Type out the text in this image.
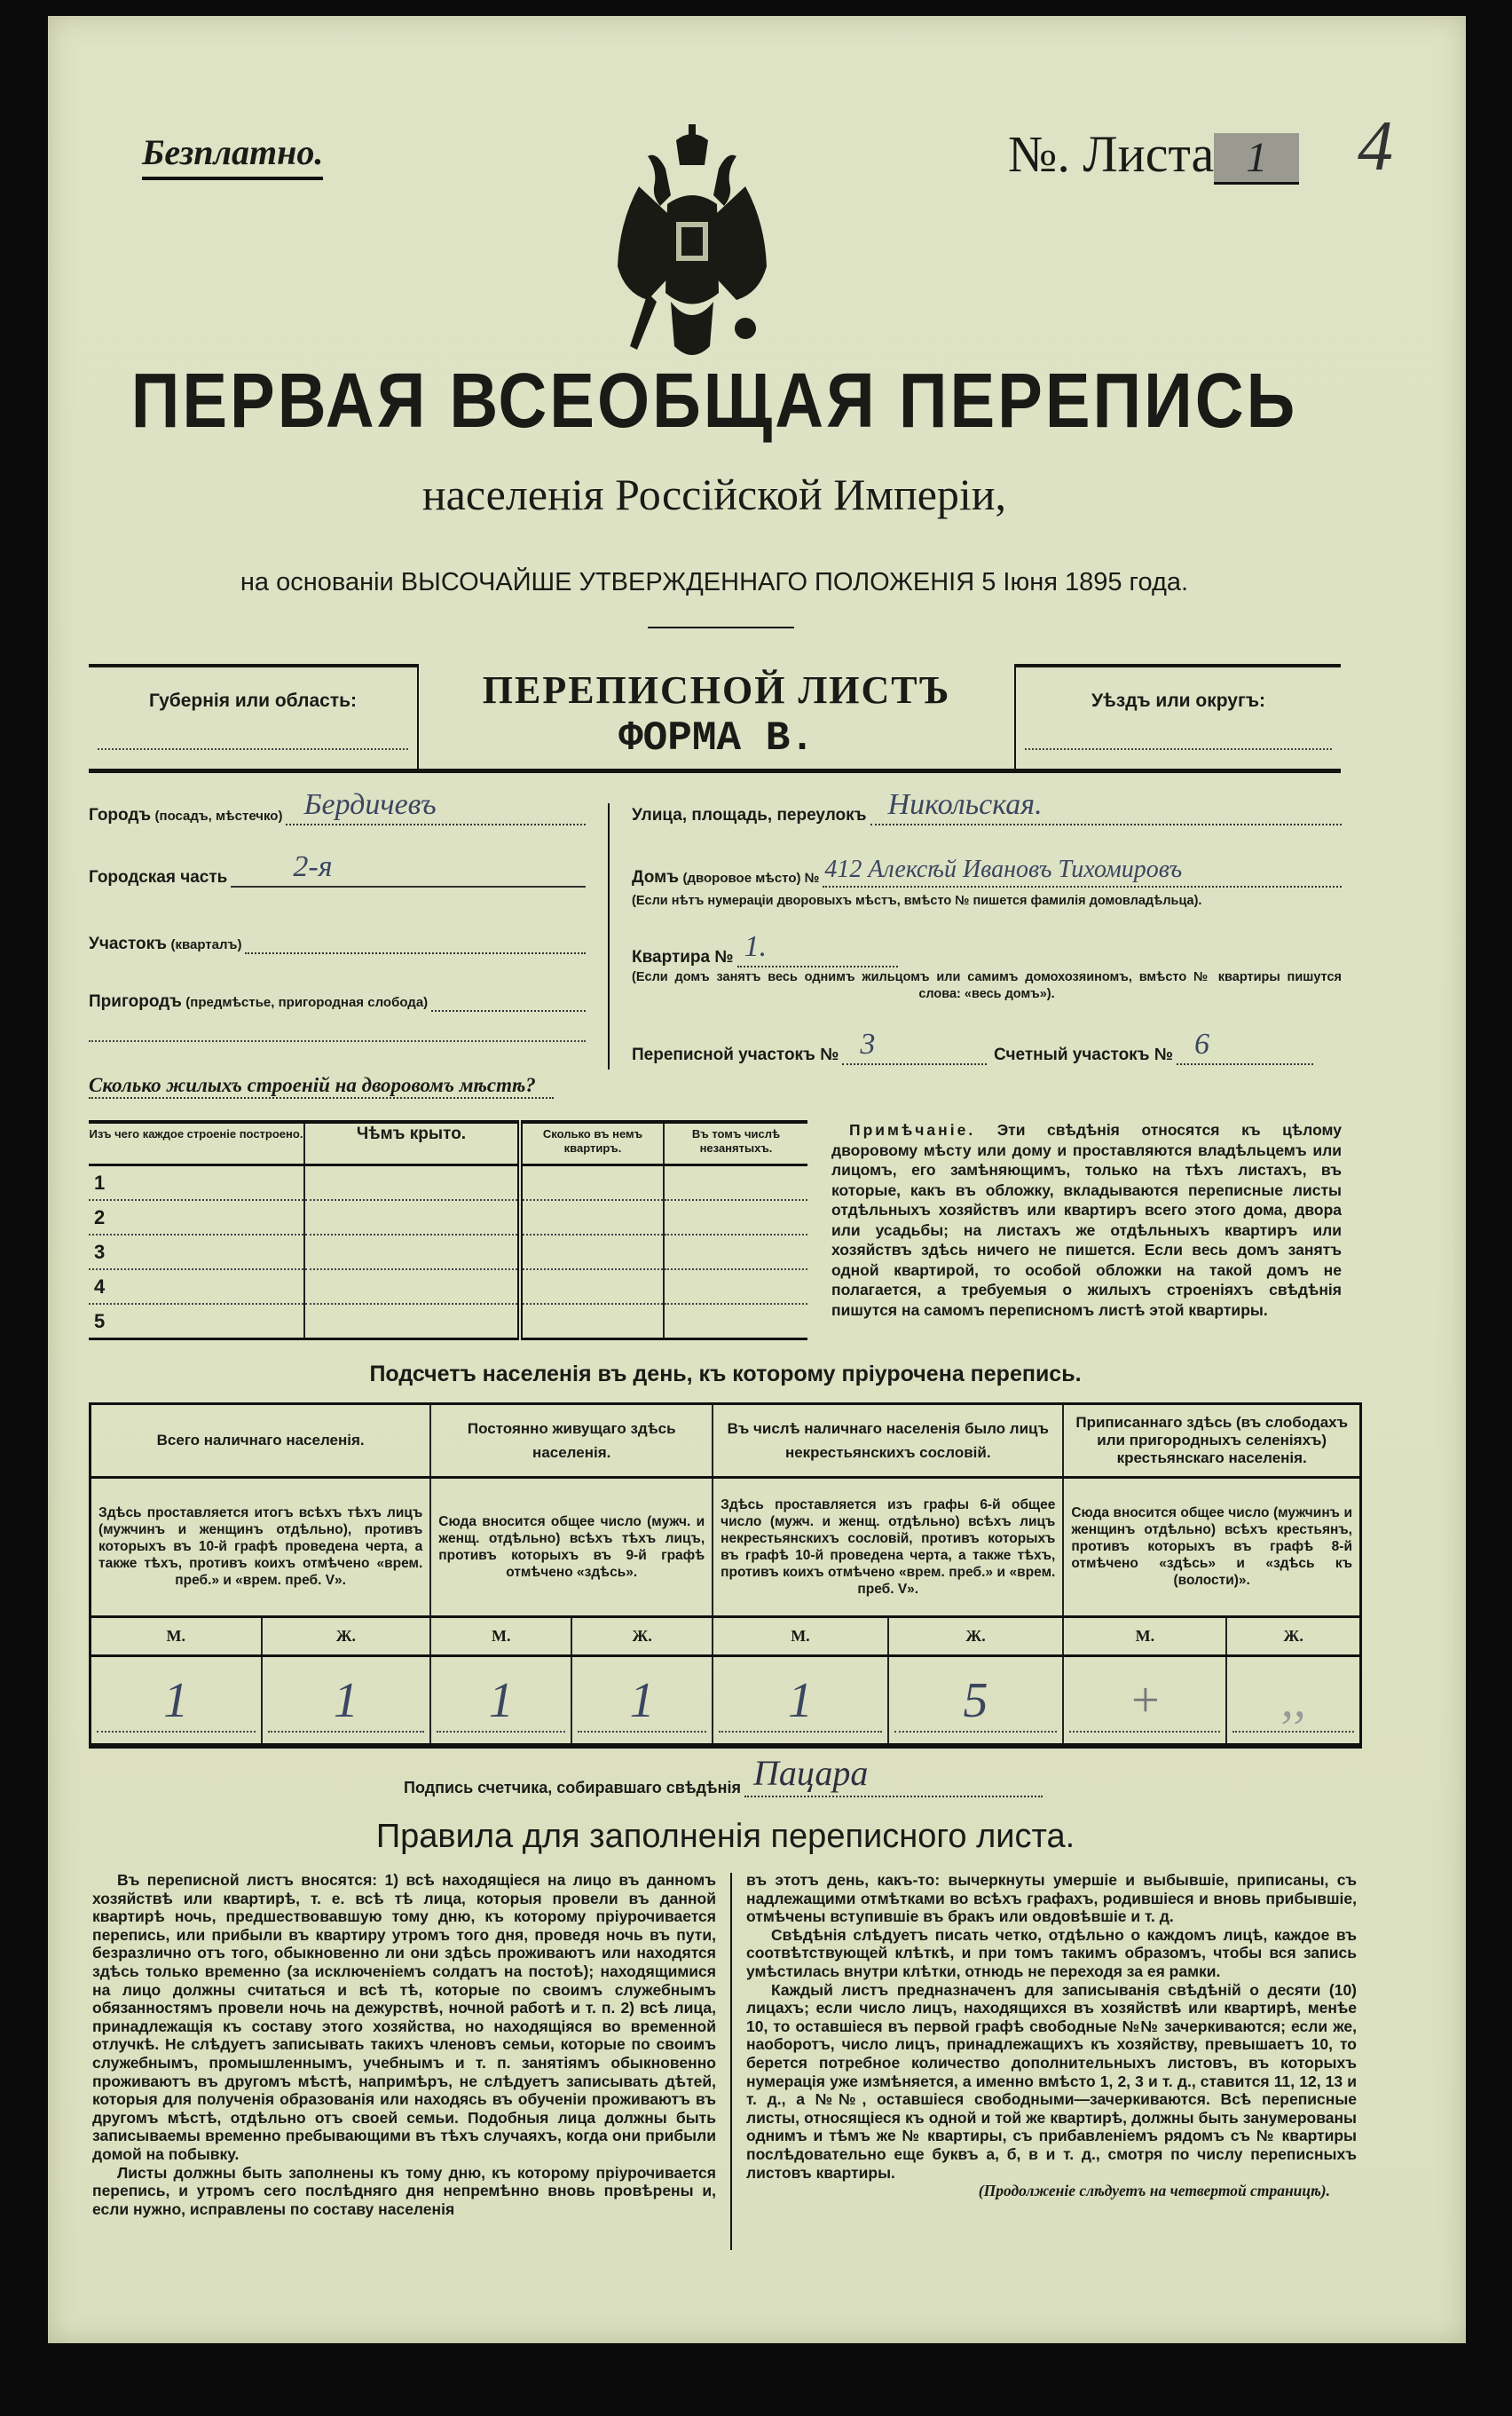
Безплатно.	№. Листа 1	4
ПЕРВАЯ ВСЕОБЩАЯ ПЕРЕПИСЬ
населенія Россійской Имперіи,
на основаніи ВЫСОЧАЙШЕ УТВЕРЖДЕННАГО ПОЛОЖЕНІЯ 5 Іюня 1895 года.
Губернія или область:	ПЕРЕПИСНОЙ ЛИСТЪ
ФОРМА В.
Уѣздъ или округъ:
Городъ
(посадъ, мѣстечко) Бердичевъ
Городская часть 2-я
Участокъ
(кварталъ)
Пригородъ
(предмѣстье, пригородная слобода)
Улица, площадь, переулокъ Никольская.
Домъ
(дворовое мѣсто) № 412 Алексѣй Ивановъ Тихомировъ
(Если нѣтъ нумераціи дворовыхъ мѣстъ, вмѣсто № пишется фамилія домовладѣльца).
Квартира № 1.
(Если домъ занятъ весь однимъ жильцомъ или самимъ домохозяиномъ, вмѣсто № квартиры пишутся слова: «весь домъ»).
Переписной участокъ № 3	Счетный участокъ № 6
Сколько жилыхъ строеній на дворовомъ мѣстѣ?
Изъ чего каждое строеніе построено.	Чѣмъ крыто.	Сколько въ немъ квартиръ.	Въ томъ числѣ незанятыхъ.
1			
2			
3			
4			
5			
Примѣчаніе. Эти свѣдѣнія относятся къ цѣлому дворовому мѣсту или дому и проставляются владѣльцемъ или лицомъ, его замѣняющимъ, только на тѣхъ листахъ, въ которые, какъ въ обложку, вкладываются переписные листы отдѣльныхъ хозяйствъ или квартиръ всего этого дома, двора или усадьбы; на листахъ же отдѣльныхъ квартиръ или хозяйствъ здѣсь ничего не пишется. Если весь домъ занятъ одной квартирой, то особой обложки на такой домъ не полагается, а требуемыя о жилыхъ строеніяхъ свѣдѣнія пишутся на самомъ переписномъ листѣ этой квартиры.
Подсчетъ населенія въ день, къ которому пріурочена перепись.
Всего наличнаго населенія.		Постоянно живущаго здѣсь населенія.		Въ числѣ наличнаго населенія было лицъ некрестьянскихъ сословій.		Приписаннаго здѣсь (въ слободахъ или пригородныхъ селеніяхъ) крестьянскаго населенія.	
Здѣсь проставляется итогъ всѣхъ тѣхъ лицъ (мужчинъ и женщинъ отдѣльно), противъ которыхъ въ 10-й графѣ проведена черта, а также тѣхъ, противъ коихъ отмѣчено «врем. преб.» и «врем. преб. V».		Сюда вносится общее число (мужч. и женщ. отдѣльно) всѣхъ тѣхъ лицъ, противъ которыхъ въ 9-й графѣ отмѣчено «здѣсь».		Здѣсь проставляется изъ графы 6-й общее число (мужч. и женщ. отдѣльно) всѣхъ лицъ некрестьянскихъ сословій, противъ которыхъ въ графѣ 10-й проведена черта, а также тѣхъ, противъ коихъ отмѣчено «врем. преб.» и «врем. преб. V».		Сюда вносится общее число (мужчинъ и женщинъ отдѣльно) всѣхъ крестьянъ, противъ которыхъ въ графѣ 8-й отмѣчено «здѣсь» и «здѣсь къ (волости)».	
М.	Ж.	М.	Ж.	М.	Ж.	М.	Ж.

1	1	1	1	1	5	+	,,
Подпись счетчика, собиравшаго свѣдѣнія Пацара
Правила для заполненія переписного листа.

Въ переписной листъ вносятся: 1) всѣ находящіеся на лицо въ данномъ хозяйствѣ или квартирѣ, т. е. всѣ тѣ лица, которыя провели въ данной квартирѣ ночь, предшествовавшую тому дню, къ которому пріурочивается перепись, или прибыли въ квартиру утромъ того дня, проведя ночь въ пути, безразлично отъ того, обыкновенно ли они здѣсь проживаютъ или находятся здѣсь только временно (за исключеніемъ солдатъ на постоѣ); находящимися на лицо должны считаться и всѣ тѣ, которые по своимъ служебнымъ обязанностямъ провели ночь на дежурствѣ, ночной работѣ и т. п. 2) всѣ лица, принадлежащія къ составу этого хозяйства, но находящіяся во временной отлучкѣ. Не слѣдуетъ записывать такихъ членовъ семьи, которые по своимъ служебнымъ, промышленнымъ, учебнымъ и т. п. занятіямъ обыкновенно проживаютъ въ другомъ мѣстѣ, напримѣръ, не слѣдуетъ записывать дѣтей, которыя для полученія образованія или находясь въ обученіи проживаютъ въ другомъ мѣстѣ, отдѣльно отъ своей семьи. Подобныя лица должны быть записываемы временно пребывающими въ тѣхъ случаяхъ, когда они прибыли домой на побывку.

Листы должны быть заполнены къ тому дню, къ которому пріурочивается перепись, и утромъ сего послѣдняго дня непремѣнно вновь провѣрены и, если нужно, исправлены по составу населенія

въ этотъ день, какъ-то: вычеркнуты умершіе и выбывшіе, приписаны, съ надлежащими отмѣтками во всѣхъ графахъ, родившіеся и вновь прибывшіе, отмѣчены вступившіе въ бракъ или овдовѣвшіе и т. д.

Свѣдѣнія слѣдуетъ писать четко, отдѣльно о каждомъ лицѣ, каждое въ соотвѣтствующей клѣткѣ, и при томъ такимъ образомъ, чтобы вся запись умѣстилась внутри клѣтки, отнюдь не переходя за ея рамки.

Каждый листъ предназначенъ для записыванія свѣдѣній о десяти (10) лицахъ; если число лицъ, находящихся въ хозяйствѣ или квартирѣ, менѣе 10, то оставшіеся въ первой графѣ свободные №№ зачеркиваются; если же, наоборотъ, число лицъ, принадлежащихъ къ хозяйству, превышаетъ 10, то берется потребное количество дополнительныхъ листовъ, въ которыхъ нумерація уже измѣняется, а именно вмѣсто 1, 2, 3 и т. д., ставится 11, 12, 13 и т. д., а №№, оставшіеся свободными—зачеркиваются. Всѣ переписные листы, относящіеся къ одной и той же квартирѣ, должны быть занумерованы однимъ и тѣмъ же № квартиры, съ прибавленіемъ рядомъ съ № квартиры послѣдовательно еще буквъ а, б, в и т. д., смотря по числу переписныхъ листовъ квартиры.

(Продолженіе слѣдуетъ на четвертой страницѣ).
